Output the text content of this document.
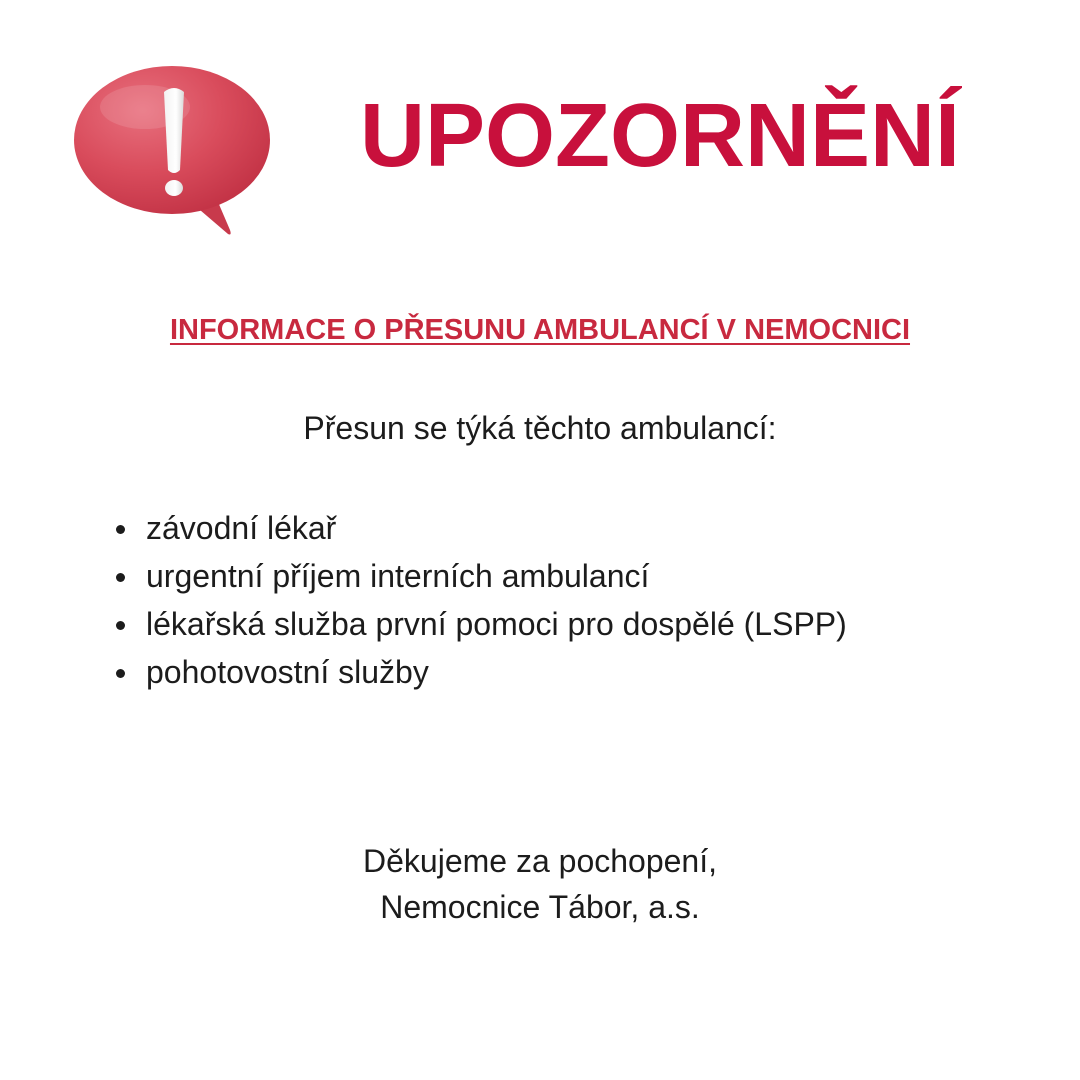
UPOZORNĚNÍ
INFORMACE O PŘESUNU AMBULANCÍ V NEMOCNICI
Přesun se týká těchto ambulancí:
závodní lékař
urgentní příjem interních ambulancí
lékařská služba první pomoci pro dospělé (LSPP)
pohotovostní služby
Děkujeme za pochopení,
Nemocnice Tábor, a.s.
